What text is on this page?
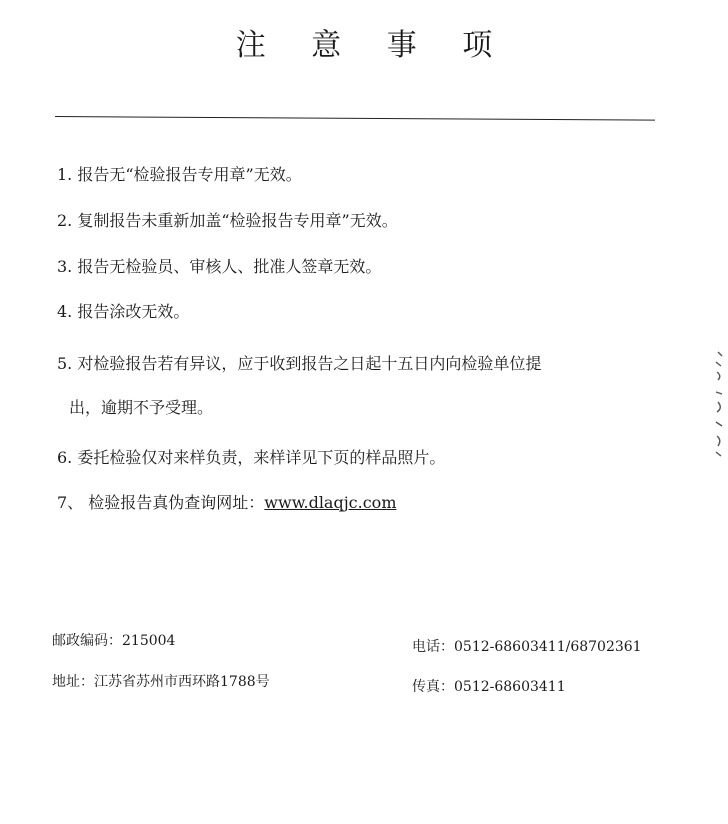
注 意 事 项
1. 报告无“检验报告专用章”无效。
2. 复制报告未重新加盖“检验报告专用章”无效。
3. 报告无检验员、审核人、批准人签章无效。
4. 报告涂改无效。
5. 对检验报告若有异议，应于收到报告之日起十五日内向检验单位提
出，逾期不予受理。
6. 委托检验仅对来样负责，来样详见下页的样品照片。
7、 检验报告真伪查询网址：www.dlaqjc.com
邮政编码：215004
地址：江苏省苏州市西环路1788号
电话：0512-68603411/68702361
传真：0512-68603411
